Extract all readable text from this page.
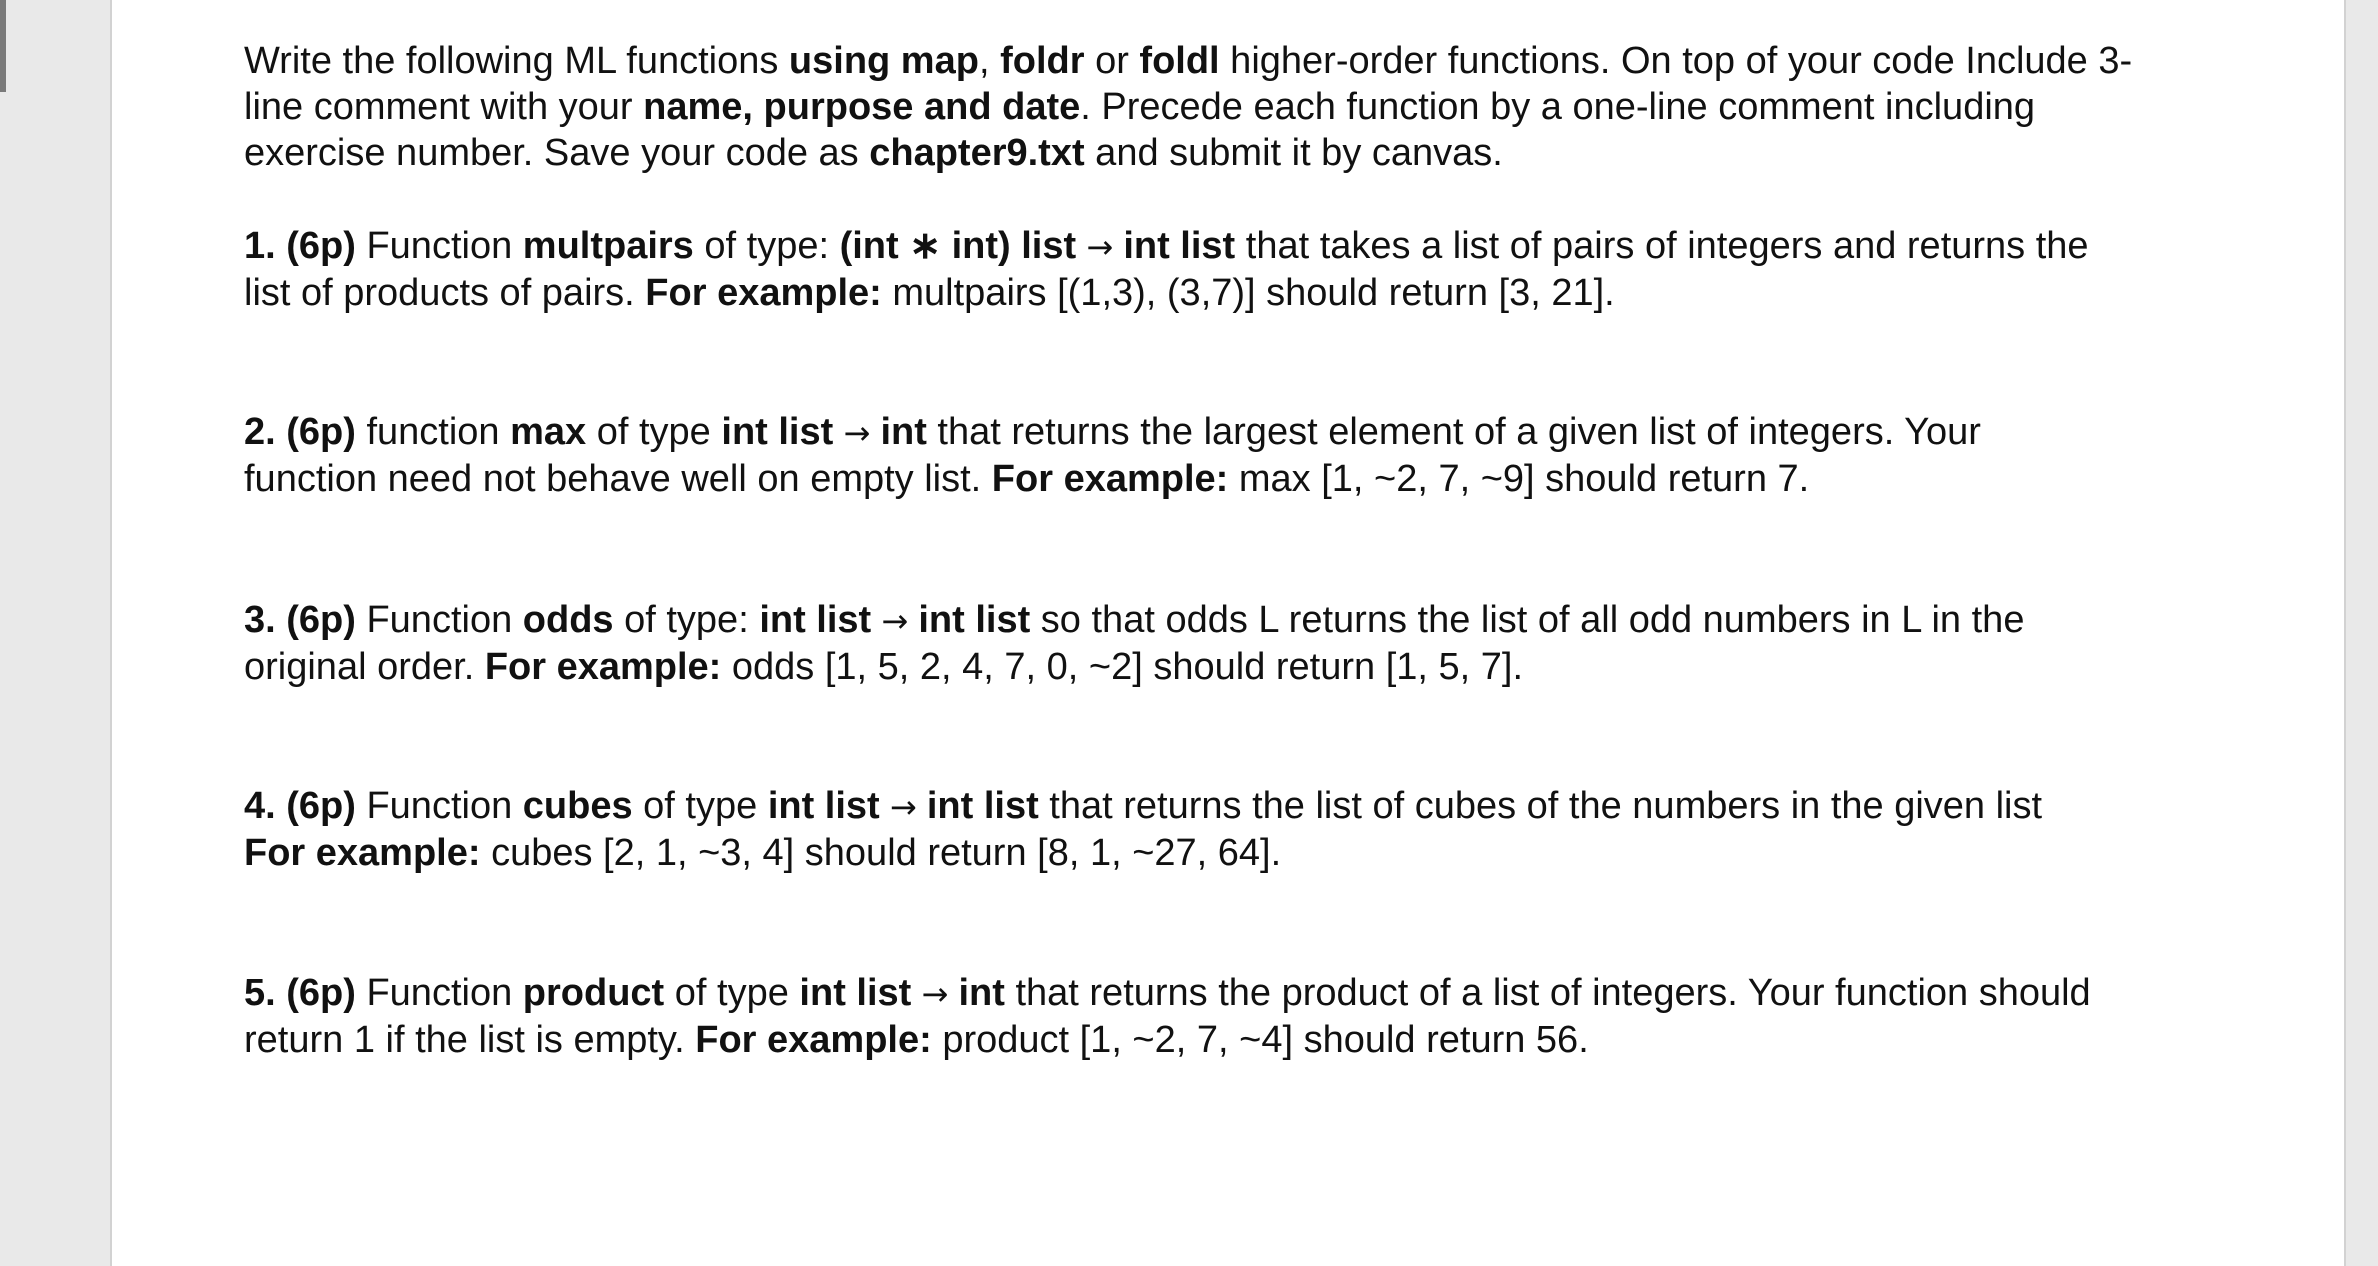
Write the following ML functions using map, foldr or foldl higher-order functions. On top of your code Include 3-
line comment with your name, purpose and date. Precede each function by a one-line comment including
exercise number. Save your code as chapter9.txt and submit it by canvas.
1. (6p) Function multpairs of type: (int ∗ int) list → int list that takes a list of pairs of integers and returns the
list of products of pairs. For example: multpairs [(1,3), (3,7)] should return [3, 21].
2. (6p) function max of type int list → int that returns the largest element of a given list of integers. Your
function need not behave well on empty list. For example: max [1, ~2, 7, ~9] should return 7.
3. (6p) Function odds of type: int list → int list so that odds L returns the list of all odd numbers in L in the
original order. For example: odds [1, 5, 2, 4, 7, 0, ~2] should return [1, 5, 7].
4. (6p) Function cubes of type int list → int list that returns the list of cubes of the numbers in the given list
For example: cubes [2, 1, ~3, 4] should return [8, 1, ~27, 64].
5. (6p) Function product of type int list → int that returns the product of a list of integers. Your function should
return 1 if the list is empty. For example: product [1, ~2, 7, ~4] should return 56.
